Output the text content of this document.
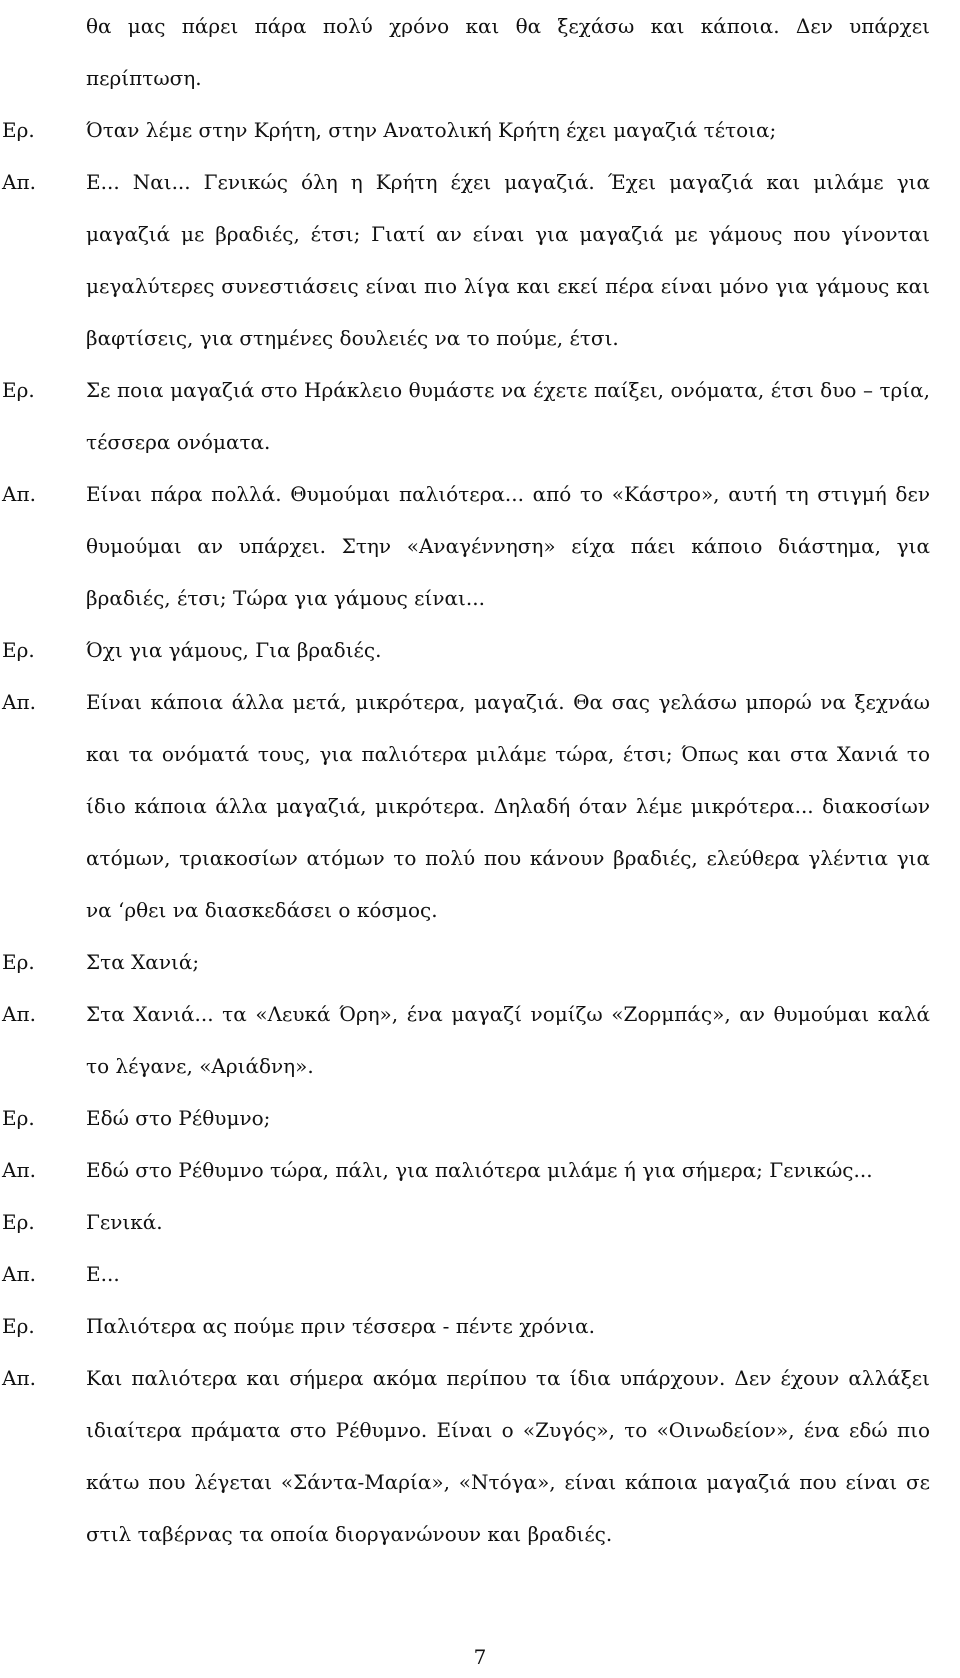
θα μας πάρει πάρα πολύ χρόνο και θα ξεχάσω και κάποια. Δεν υπάρχει περίπτωση.
Ερ.	Όταν λέμε στην Κρήτη, στην Ανατολική Κρήτη έχει μαγαζιά τέτοια;
Απ.	Ε... Ναι... Γενικώς όλη η Κρήτη έχει μαγαζιά. Έχει μαγαζιά και μιλάμε για μαγαζιά με βραδιές, έτσι; Γιατί αν είναι για μαγαζιά με γάμους που γίνονται μεγαλύτερες συνεστιάσεις είναι πιο λίγα και εκεί πέρα είναι μόνο για γάμους και βαφτίσεις, για στημένες δουλειές να το πούμε, έτσι.
Ερ.	Σε ποια μαγαζιά στο Ηράκλειο θυμάστε να έχετε παίξει, ονόματα, έτσι δυο – τρία, τέσσερα ονόματα.
Απ.	Είναι πάρα πολλά. Θυμούμαι παλιότερα... από το «Κάστρο», αυτή τη στιγμή δεν θυμούμαι αν υπάρχει. Στην «Αναγέννηση» είχα πάει κάποιο διάστημα, για βραδιές, έτσι; Τώρα για γάμους είναι...
Ερ.	Όχι για γάμους, Για βραδιές.
Απ.	Είναι κάποια άλλα μετά, μικρότερα, μαγαζιά. Θα σας γελάσω μπορώ να ξεχνάω και τα ονόματά τους, για παλιότερα μιλάμε τώρα, έτσι; Όπως και στα Χανιά το ίδιο κάποια άλλα μαγαζιά, μικρότερα. Δηλαδή όταν λέμε μικρότερα... διακοσίων ατόμων, τριακοσίων ατόμων το πολύ που κάνουν βραδιές, ελεύθερα γλέντια για να ‘ρθει να διασκεδάσει ο κόσμος.
Ερ.	Στα Χανιά;
Απ.	Στα Χανιά... τα «Λευκά Όρη», ένα μαγαζί νομίζω «Ζορμπάς», αν θυμούμαι καλά το λέγανε, «Αριάδνη».
Ερ.	Εδώ στο Ρέθυμνο;
Απ.	Εδώ στο Ρέθυμνο τώρα, πάλι, για παλιότερα μιλάμε ή για σήμερα; Γενικώς...
Ερ.	Γενικά.
Απ.	Ε...
Ερ.	Παλιότερα ας πούμε πριν τέσσερα - πέντε χρόνια.
Απ.	Και παλιότερα και σήμερα ακόμα περίπου τα ίδια υπάρχουν. Δεν έχουν αλλάξει ιδιαίτερα πράματα στο Ρέθυμνο. Είναι ο «Ζυγός», το «Οινωδείον», ένα εδώ πιο κάτω που λέγεται «Σάντα-Μαρία», «Ντόγα», είναι κάποια μαγαζιά που είναι σε στιλ ταβέρνας τα οποία διοργανώνουν και βραδιές.
7
